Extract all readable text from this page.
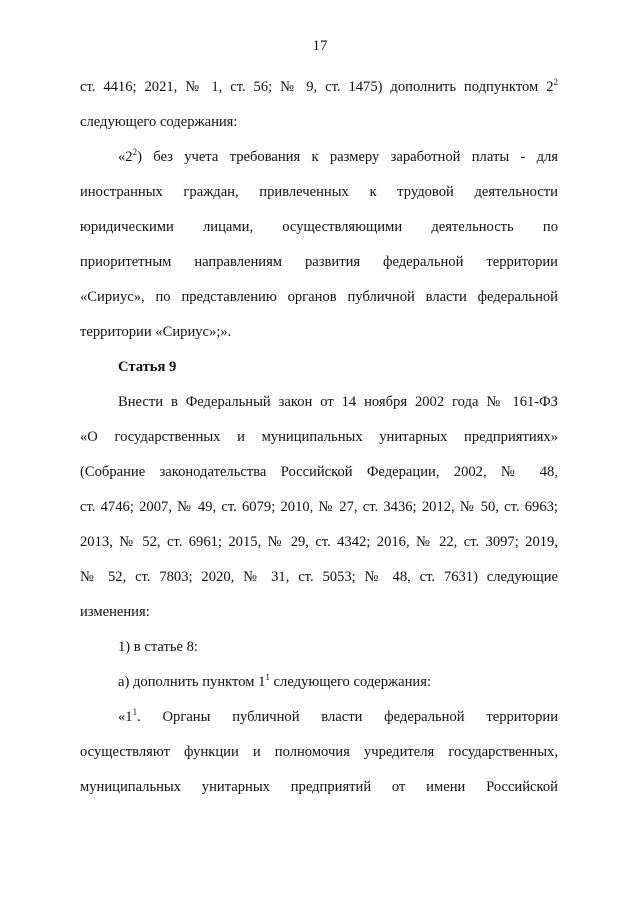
17
ст. 4416; 2021, № 1, ст. 56; № 9, ст. 1475) дополнить подпунктом $2^2$
следующего содержания:
«$2^2$) без учета требования к размеру заработной платы - для
иностранных граждан, привлеченных к трудовой деятельности
юридическими лицами, осуществляющими деятельность по
приоритетным направлениям развития федеральной территории
«Сириус», по представлению органов публичной власти федеральной
территории «Сириус»;».
Статья 9
Внести в Федеральный закон от 14 ноября 2002 года № 161-ФЗ
«О государственных и муниципальных унитарных предприятиях»
(Собрание законодательства Российской Федерации, 2002, № 48,
ст. 4746; 2007, № 49, ст. 6079; 2010, № 27, ст. 3436; 2012, № 50, ст. 6963;
2013, № 52, ст. 6961; 2015, № 29, ст. 4342; 2016, № 22, ст. 3097; 2019,
№ 52, ст. 7803; 2020, № 31, ст. 5053; № 48, ст. 7631) следующие
изменения:
1) в статье 8:
а) дополнить пунктом $1^1$ следующего содержания:
«$1^1$. Органы публичной власти федеральной территории
осуществляют функции и полномочия учредителя государственных,
муниципальных унитарных предприятий от имени Российской
